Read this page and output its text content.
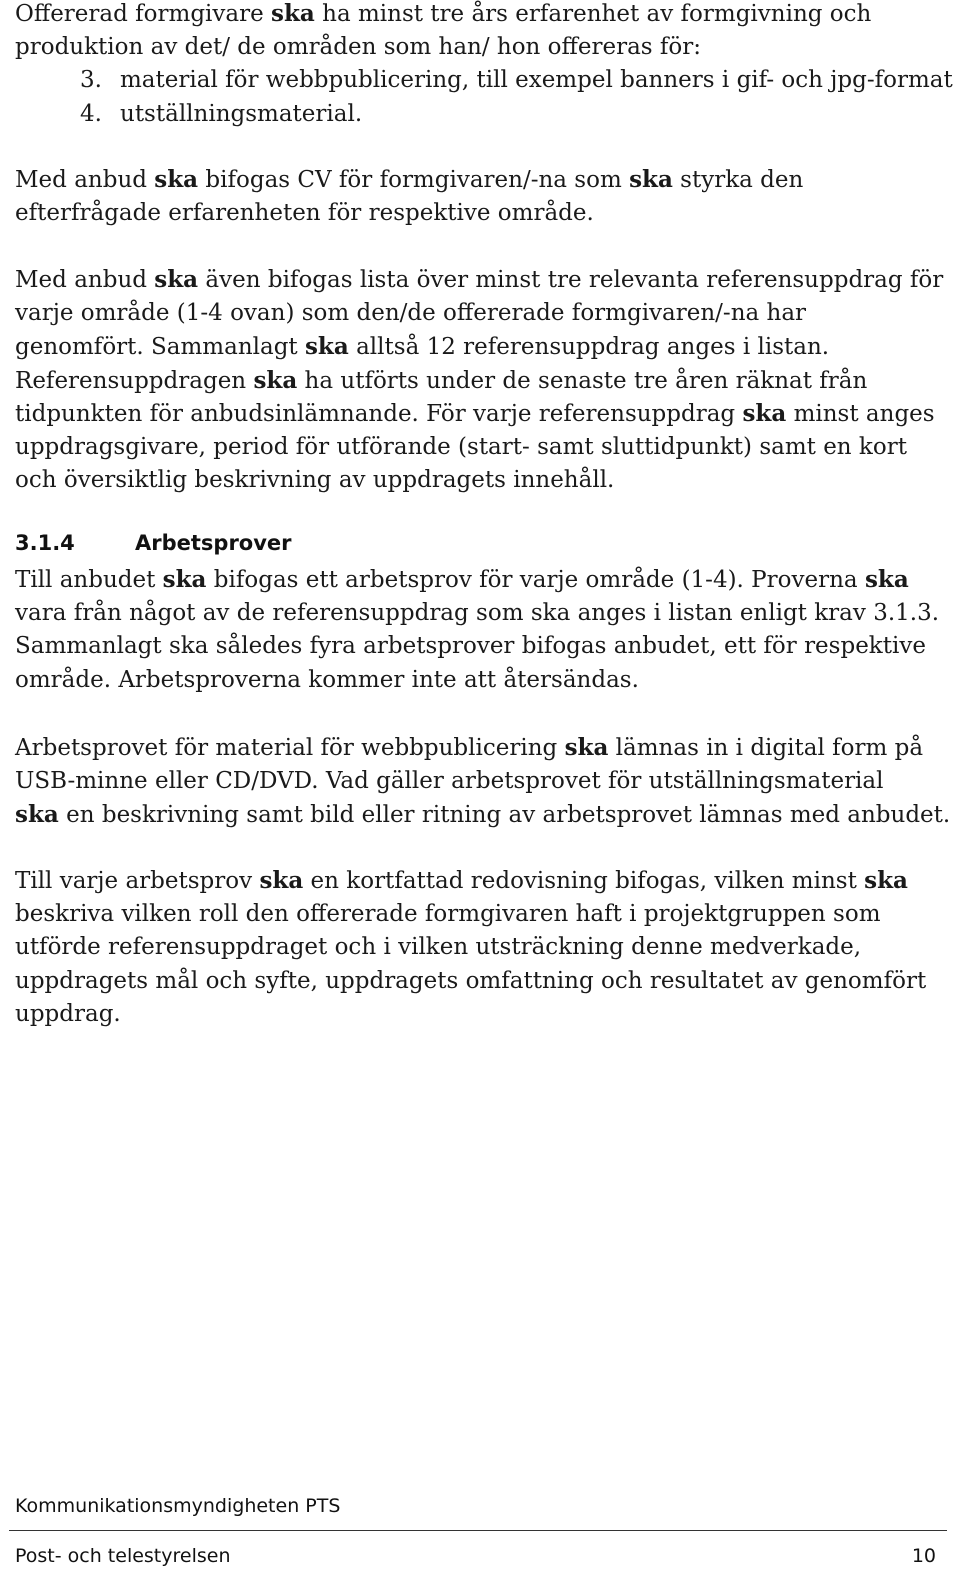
Offererad formgivare ska ha minst tre års erfarenhet av formgivning och
produktion av det/ de områden som han/ hon offereras för:
3. material för webbpublicering, till exempel banners i gif- och jpg-format
4. utställningsmaterial.
Med anbud ska bifogas CV för formgivaren/-na som ska styrka den
efterfrågade erfarenheten för respektive område.
Med anbud ska även bifogas lista över minst tre relevanta referensuppdrag för
varje område (1-4 ovan) som den/de offererade formgivaren/-na har
genomfört. Sammanlagt ska alltså 12 referensuppdrag anges i listan.
Referensuppdragen ska ha utförts under de senaste tre åren räknat från
tidpunkten för anbudsinlämnande. För varje referensuppdrag ska minst anges
uppdragsgivare, period för utförande (start- samt sluttidpunkt) samt en kort
och översiktlig beskrivning av uppdragets innehåll.
3.1.4	Arbetsprover
Till anbudet ska bifogas ett arbetsprov för varje område (1-4). Proverna ska
vara från något av de referensuppdrag som ska anges i listan enligt krav 3.1.3.
Sammanlagt ska således fyra arbetsprover bifogas anbudet, ett för respektive
område. Arbetsproverna kommer inte att återsändas.
Arbetsprovet för material för webbpublicering ska lämnas in i digital form på
USB-minne eller CD/DVD. Vad gäller arbetsprovet för utställningsmaterial
ska en beskrivning samt bild eller ritning av arbetsprovet lämnas med anbudet.
Till varje arbetsprov ska en kortfattad redovisning bifogas, vilken minst ska
beskriva vilken roll den offererade formgivaren haft i projektgruppen som
utförde referensuppdraget och i vilken utsträckning denne medverkade,
uppdragets mål och syfte, uppdragets omfattning och resultatet av genomfört
uppdrag.
Kommunikationsmyndigheten PTS
Post- och telestyrelsen	10
